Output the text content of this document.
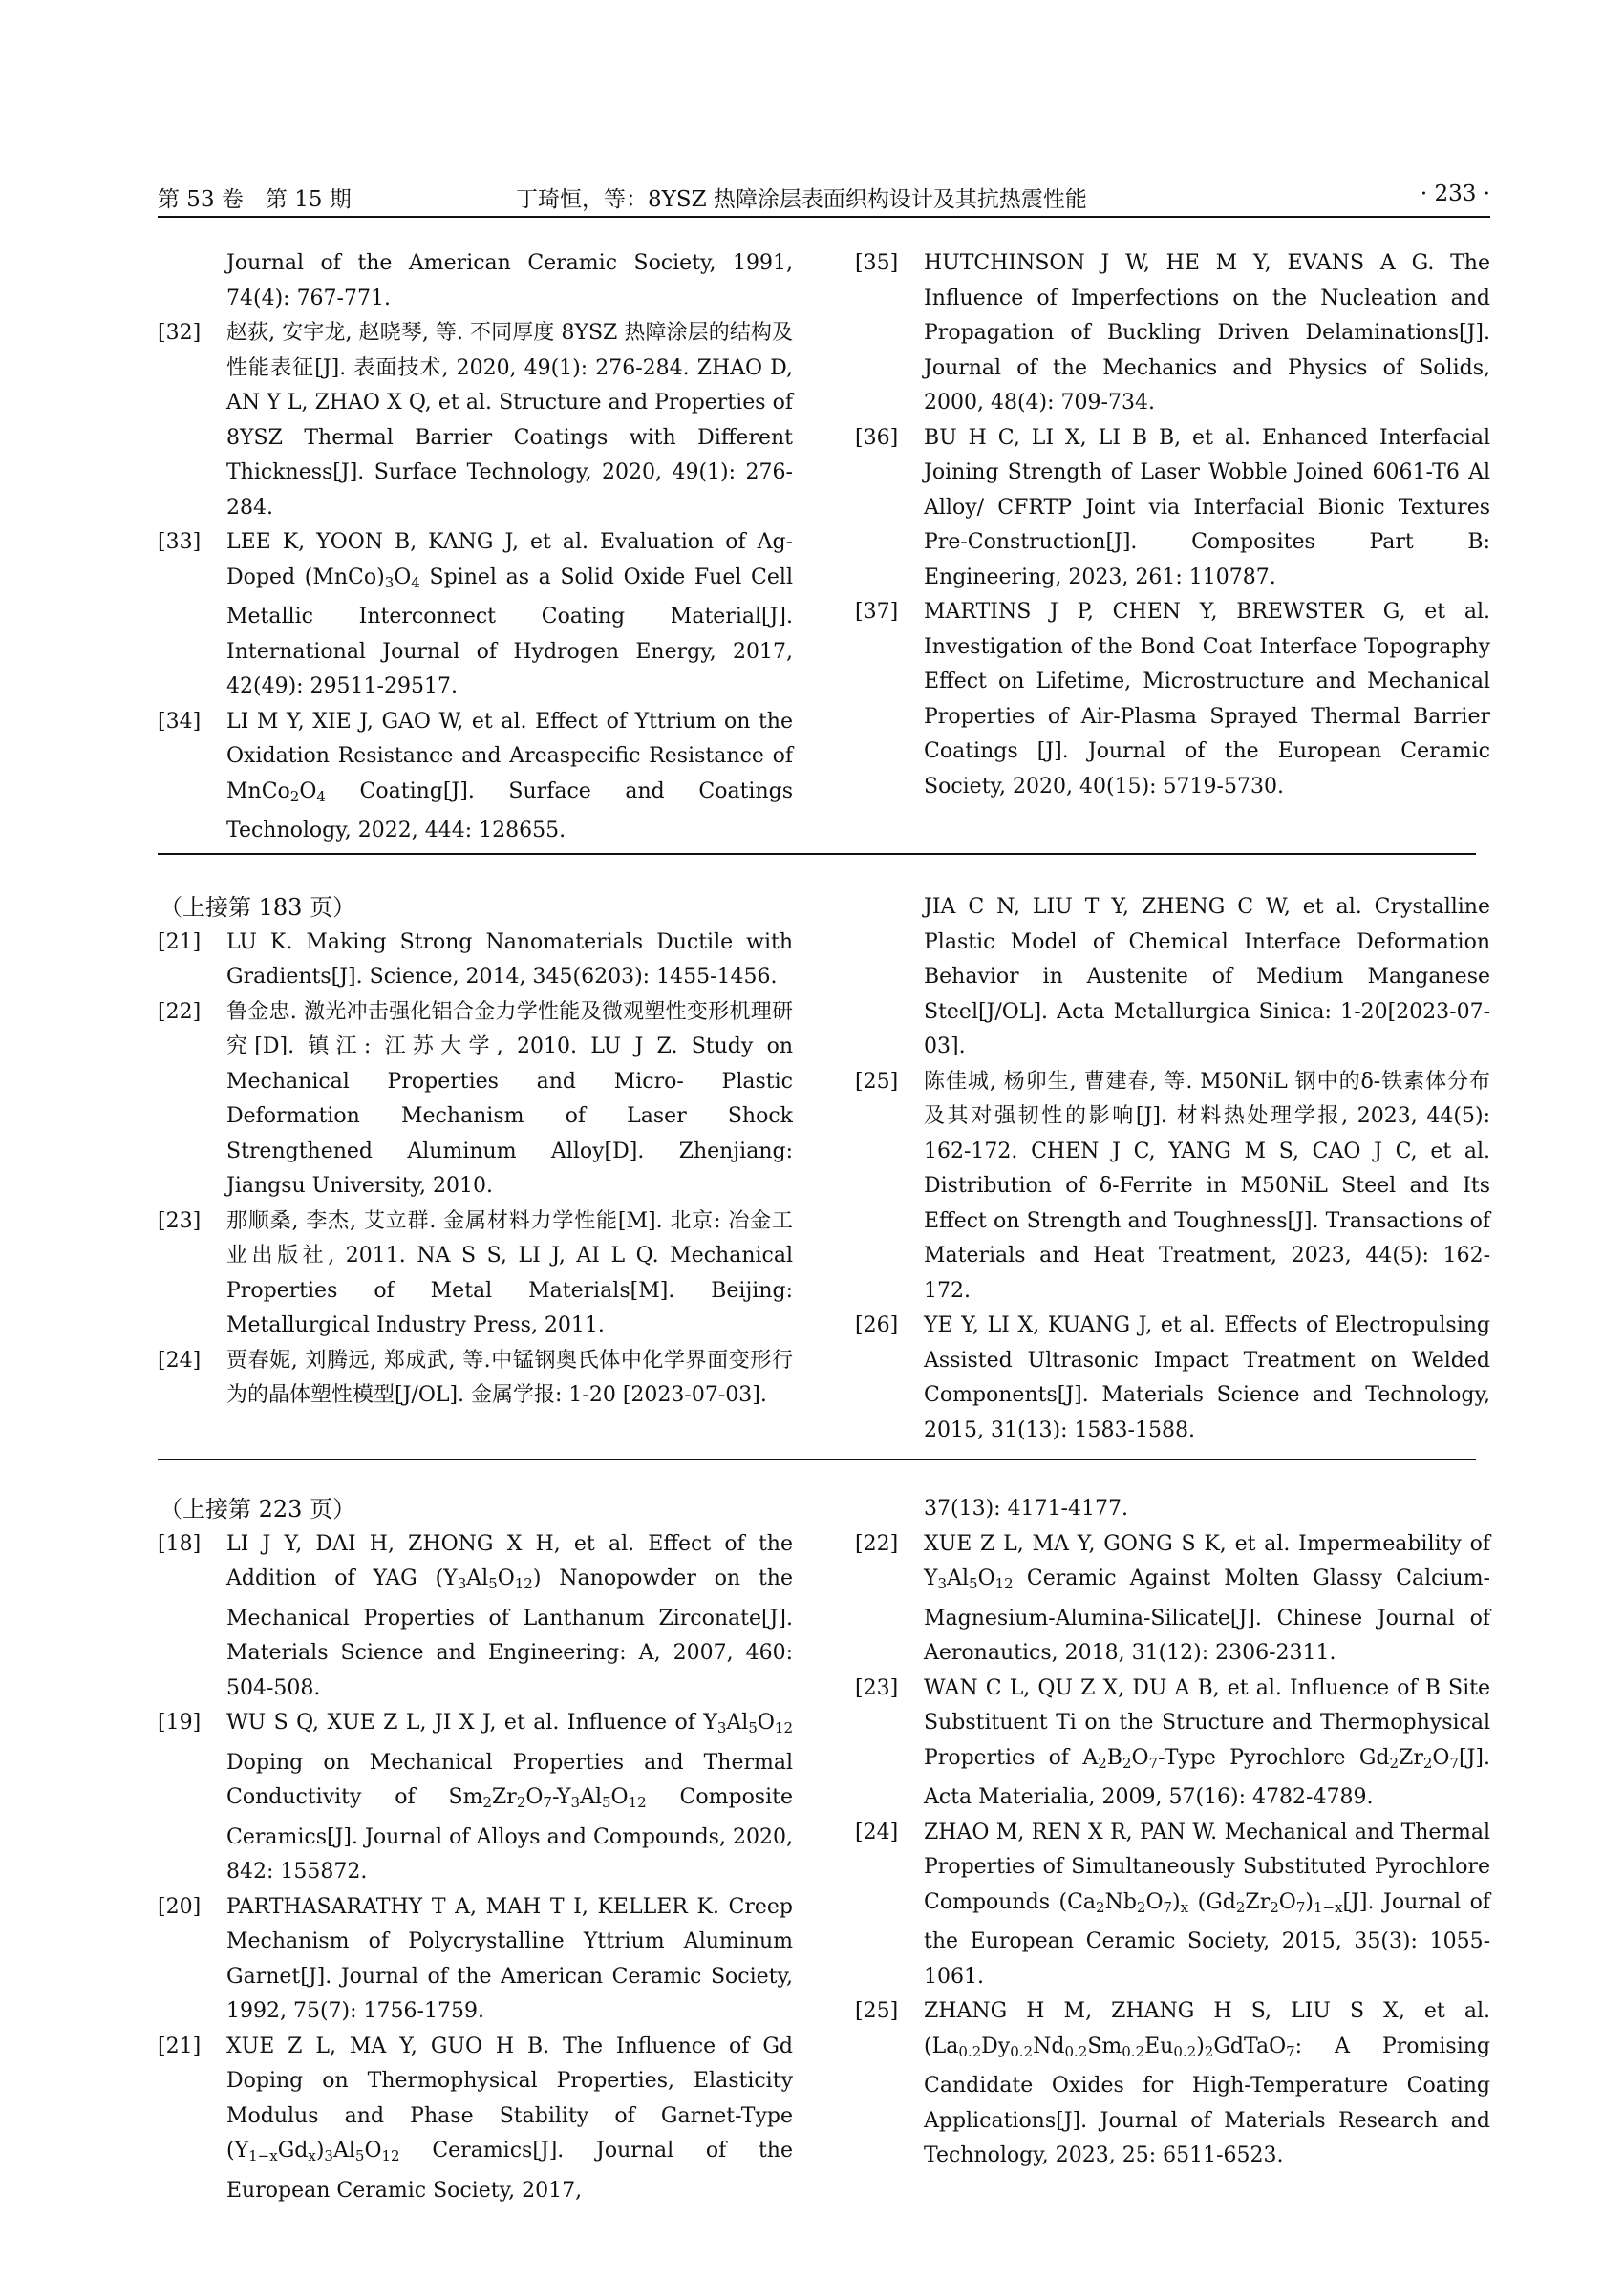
第 53 卷　第 15 期	丁琦恒，等：8YSZ 热障涂层表面织构设计及其抗热震性能	· 233 ·
Journal of the American Ceramic Society, 1991, 74(4): 767-771.
[32] 赵荻, 安宇龙, 赵晓琴, 等. 不同厚度 8YSZ 热障涂层的结构及性能表征[J]. 表面技术, 2020, 49(1): 276-284. ZHAO D, AN Y L, ZHAO X Q, et al. Structure and Properties of 8YSZ Thermal Barrier Coatings with Different Thickness[J]. Surface Technology, 2020, 49(1): 276-284.
[33] LEE K, YOON B, KANG J, et al. Evaluation of Ag-Doped $(MnCo)_3O_4$ Spinel as a Solid Oxide Fuel Cell Metallic Interconnect Coating Material[J]. International Journal of Hydrogen Energy, 2017, 42(49): 29511-29517.
[34] LI M Y, XIE J, GAO W, et al. Effect of Yttrium on the Oxidation Resistance and Areaspecific Resistance of $MnCo_2O_4$ Coating[J]. Surface and Coatings Technology, 2022, 444: 128655.
[35] HUTCHINSON J W, HE M Y, EVANS A G. The Influence of Imperfections on the Nucleation and Propagation of Buckling Driven Delaminations[J]. Journal of the Mechanics and Physics of Solids, 2000, 48(4): 709-734.
[36] BU H C, LI X, LI B B, et al. Enhanced Interfacial Joining Strength of Laser Wobble Joined 6061-T6 Al Alloy/ CFRTP Joint via Interfacial Bionic Textures Pre-Construction[J]. Composites Part B: Engineering, 2023, 261: 110787.
[37] MARTINS J P, CHEN Y, BREWSTER G, et al. Investigation of the Bond Coat Interface Topography Effect on Lifetime, Microstructure and Mechanical Properties of Air-Plasma Sprayed Thermal Barrier Coatings [J]. Journal of the European Ceramic Society, 2020, 40(15): 5719-5730.
（上接第 183 页）
[21] LU K. Making Strong Nanomaterials Ductile with Gradients[J]. Science, 2014, 345(6203): 1455-1456.
[22] 鲁金忠. 激光冲击强化铝合金力学性能及微观塑性变形机理研究[D]. 镇江: 江苏大学, 2010. LU J Z. Study on Mechanical Properties and Micro- Plastic Deformation Mechanism of Laser Shock Strengthened Aluminum Alloy[D]. Zhenjiang: Jiangsu University, 2010.
[23] 那顺桑, 李杰, 艾立群. 金属材料力学性能[M]. 北京: 冶金工业出版社, 2011. NA S S, LI J, AI L Q. Mechanical Properties of Metal Materials[M]. Beijing: Metallurgical Industry Press, 2011.
[24] 贾春妮, 刘腾远, 郑成武, 等.中锰钢奥氏体中化学界面变形行为的晶体塑性模型[J/OL]. 金属学报: 1-20 [2023-07-03].
JIA C N, LIU T Y, ZHENG C W, et al. Crystalline Plastic Model of Chemical Interface Deformation Behavior in Austenite of Medium Manganese Steel[J/OL]. Acta Metallurgica Sinica: 1-20[2023-07-03].
[25] 陈佳城, 杨卯生, 曹建春, 等. M50NiL 钢中的δ-铁素体分布及其对强韧性的影响[J]. 材料热处理学报, 2023, 44(5): 162-172. CHEN J C, YANG M S, CAO J C, et al. Distribution of δ-Ferrite in M50NiL Steel and Its Effect on Strength and Toughness[J]. Transactions of Materials and Heat Treatment, 2023, 44(5): 162-172.
[26] YE Y, LI X, KUANG J, et al. Effects of Electropulsing Assisted Ultrasonic Impact Treatment on Welded Components[J]. Materials Science and Technology, 2015, 31(13): 1583-1588.
（上接第 223 页）
[18] LI J Y, DAI H, ZHONG X H, et al. Effect of the Addition of YAG $(Y_3Al_5O_{12})$ Nanopowder on the Mechanical Properties of Lanthanum Zirconate[J]. Materials Science and Engineering: A, 2007, 460: 504-508.
[19] WU S Q, XUE Z L, JI X J, et al. Influence of $Y_3Al_5O_{12}$ Doping on Mechanical Properties and Thermal Conductivity of $Sm_2Zr_2O_7-Y_3Al_5O_{12}$ Composite Ceramics[J]. Journal of Alloys and Compounds, 2020, 842: 155872.
[20] PARTHASARATHY T A, MAH T I, KELLER K. Creep Mechanism of Polycrystalline Yttrium Aluminum Garnet[J]. Journal of the American Ceramic Society, 1992, 75(7): 1756-1759.
[21] XUE Z L, MA Y, GUO H B. The Influence of Gd Doping on Thermophysical Properties, Elasticity Modulus and Phase Stability of Garnet-Type $(Y_{1-x}Gd_x)_3Al_5O_{12}$ Ceramics[J]. Journal of the European Ceramic Society, 2017,
37(13): 4171-4177.
[22] XUE Z L, MA Y, GONG S K, et al. Impermeability of $Y_3Al_5O_{12}$ Ceramic Against Molten Glassy Calcium-Magnesium-Alumina-Silicate[J]. Chinese Journal of Aeronautics, 2018, 31(12): 2306-2311.
[23] WAN C L, QU Z X, DU A B, et al. Influence of B Site Substituent Ti on the Structure and Thermophysical Properties of $A_2B_2O_7$-Type Pyrochlore $Gd_2Zr_2O_7[J]$. Acta Materialia, 2009, 57(16): 4782-4789.
[24] ZHAO M, REN X R, PAN W. Mechanical and Thermal Properties of Simultaneously Substituted Pyrochlore Compounds $(Ca_2Nb_2O_7)_x$ $(Gd_2Zr_2O_7)_{1-x}[J]$. Journal of the European Ceramic Society, 2015, 35(3): 1055-1061.
[25] ZHANG H M, ZHANG H S, LIU S X, et al. $(La_{0.2}Dy_{0.2}Nd_{0.2}Sm_{0.2}Eu_{0.2})_2GdTaO_7$: A Promising Candidate Oxides for High-Temperature Coating Applications[J]. Journal of Materials Research and Technology, 2023, 25: 6511-6523.
